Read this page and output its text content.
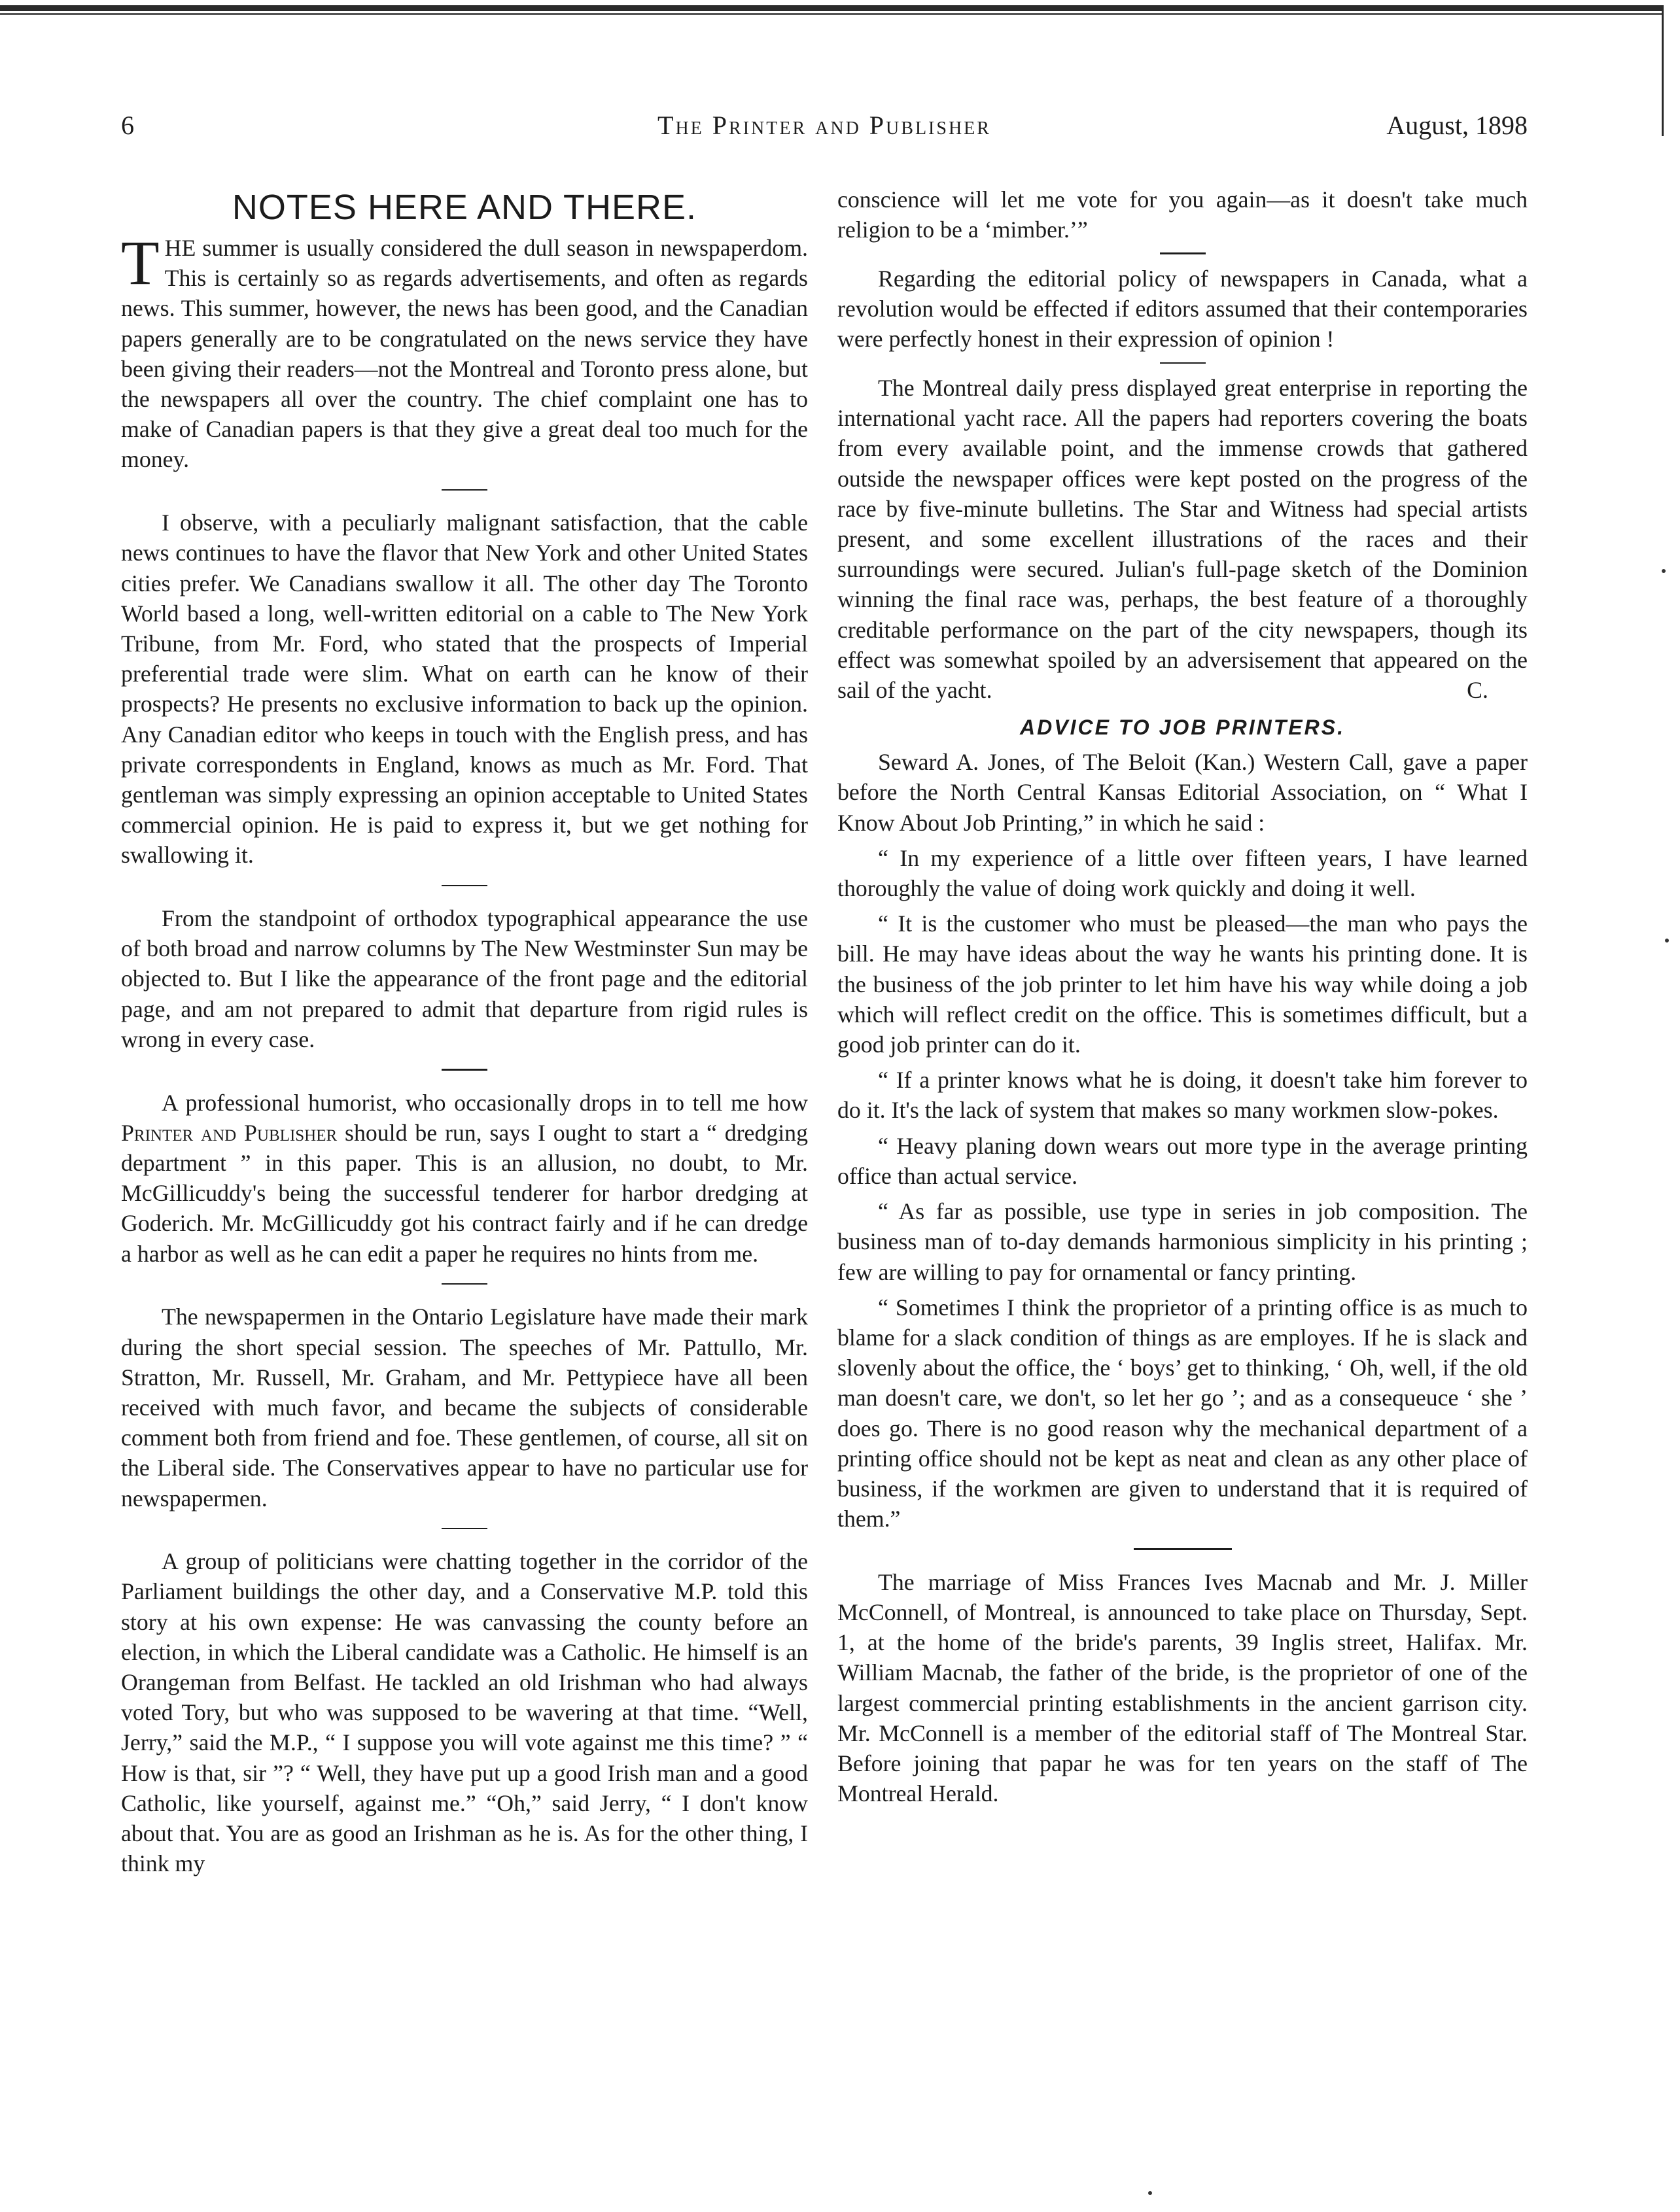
6	The Printer and Publisher	August, 1898
NOTES HERE AND THERE.

THE summer is usually considered the dull season in newspaperdom. This is certainly so as regards advertisements, and often as regards news. This summer, however, the news has been good, and the Canadian papers generally are to be congratulated on the news service they have been giving their readers—not the Montreal and Toronto press alone, but the newspapers all over the country. The chief complaint one has to make of Canadian papers is that they give a great deal too much for the money.

I observe, with a peculiarly malignant satisfaction, that the cable news continues to have the flavor that New York and other United States cities prefer. We Canadians swallow it all. The other day The Toronto World based a long, well-written editorial on a cable to The New York Tribune, from Mr. Ford, who stated that the prospects of Imperial preferential trade were slim. What on earth can he know of their prospects? He presents no exclusive information to back up the opinion. Any Canadian editor who keeps in touch with the English press, and has private correspondents in England, knows as much as Mr. Ford. That gentleman was simply expressing an opinion acceptable to United States commercial opinion. He is paid to express it, but we get nothing for swallowing it.

From the standpoint of orthodox typographical appearance the use of both broad and narrow columns by The New Westminster Sun may be objected to. But I like the appearance of the front page and the editorial page, and am not prepared to admit that departure from rigid rules is wrong in every case.

A professional humorist, who occasionally drops in to tell me how Printer and Publisher should be run, says I ought to start a “ dredging department ” in this paper. This is an allusion, no doubt, to Mr. McGillicuddy's being the successful tenderer for harbor dredging at Goderich. Mr. McGillicuddy got his contract fairly and if he can dredge a harbor as well as he can edit a paper he requires no hints from me.

The newspapermen in the Ontario Legislature have made their mark during the short special session. The speeches of Mr. Pattullo, Mr. Stratton, Mr. Russell, Mr. Graham, and Mr. Pettypiece have all been received with much favor, and became the subjects of considerable comment both from friend and foe. These gentlemen, of course, all sit on the Liberal side. The Conservatives appear to have no particular use for newspapermen.

A group of politicians were chatting together in the corridor of the Parliament buildings the other day, and a Conservative M.P. told this story at his own expense: He was canvassing the county before an election, in which the Liberal candidate was a Catholic. He himself is an Orangeman from Belfast. He tackled an old Irishman who had always voted Tory, but who was supposed to be wavering at that time. “Well, Jerry,” said the M.P., “ I suppose you will vote against me this time? ” “ How is that, sir ”? “ Well, they have put up a good Irish man and a good Catholic, like yourself, against me.” “Oh,” said Jerry, “ I don't know about that. You are as good an Irishman as he is. As for the other thing, I think my

conscience will let me vote for you again—as it doesn't take much religion to be a ‘mimber.’”

Regarding the editorial policy of newspapers in Canada, what a revolution would be effected if editors assumed that their contemporaries were perfectly honest in their expression of opinion !

The Montreal daily press displayed great enterprise in reporting the international yacht race. All the papers had reporters covering the boats from every available point, and the immense crowds that gathered outside the newspaper offices were kept posted on the progress of the race by five-minute bulletins. The Star and Witness had special artists present, and some excellent illustrations of the races and their surroundings were secured. Julian's full-page sketch of the Dominion winning the final race was, perhaps, the best feature of a thoroughly creditable performance on the part of the city newspapers, though its effect was somewhat spoiled by an adversisement that appeared on the sail of the yacht.	C.

ADVICE TO JOB PRINTERS.

Seward A. Jones, of The Beloit (Kan.) Western Call, gave a paper before the North Central Kansas Editorial Association, on “ What I Know About Job Printing,” in which he said :

“ In my experience of a little over fifteen years, I have learned thoroughly the value of doing work quickly and doing it well.

“ It is the customer who must be pleased—the man who pays the bill. He may have ideas about the way he wants his printing done. It is the business of the job printer to let him have his way while doing a job which will reflect credit on the office. This is sometimes difficult, but a good job printer can do it.

“ If a printer knows what he is doing, it doesn't take him forever to do it. It's the lack of system that makes so many workmen slow-pokes.

“ Heavy planing down wears out more type in the average printing office than actual service.

“ As far as possible, use type in series in job composition. The business man of to-day demands harmonious simplicity in his printing ; few are willing to pay for ornamental or fancy printing.

“ Sometimes I think the proprietor of a printing office is as much to blame for a slack condition of things as are employes. If he is slack and slovenly about the office, the ‘ boys’ get to thinking, ‘ Oh, well, if the old man doesn't care, we don't, so let her go ’; and as a consequeuce ‘ she ’ does go. There is no good reason why the mechanical department of a printing office should not be kept as neat and clean as any other place of business, if the workmen are given to understand that it is required of them.”

The marriage of Miss Frances Ives Macnab and Mr. J. Miller McConnell, of Montreal, is announced to take place on Thursday, Sept. 1, at the home of the bride's parents, 39 Inglis street, Halifax. Mr. William Macnab, the father of the bride, is the proprietor of one of the largest commercial printing establishments in the ancient garrison city. Mr. McConnell is a member of the editorial staff of The Montreal Star. Before joining that papar he was for ten years on the staff of The Montreal Herald.
